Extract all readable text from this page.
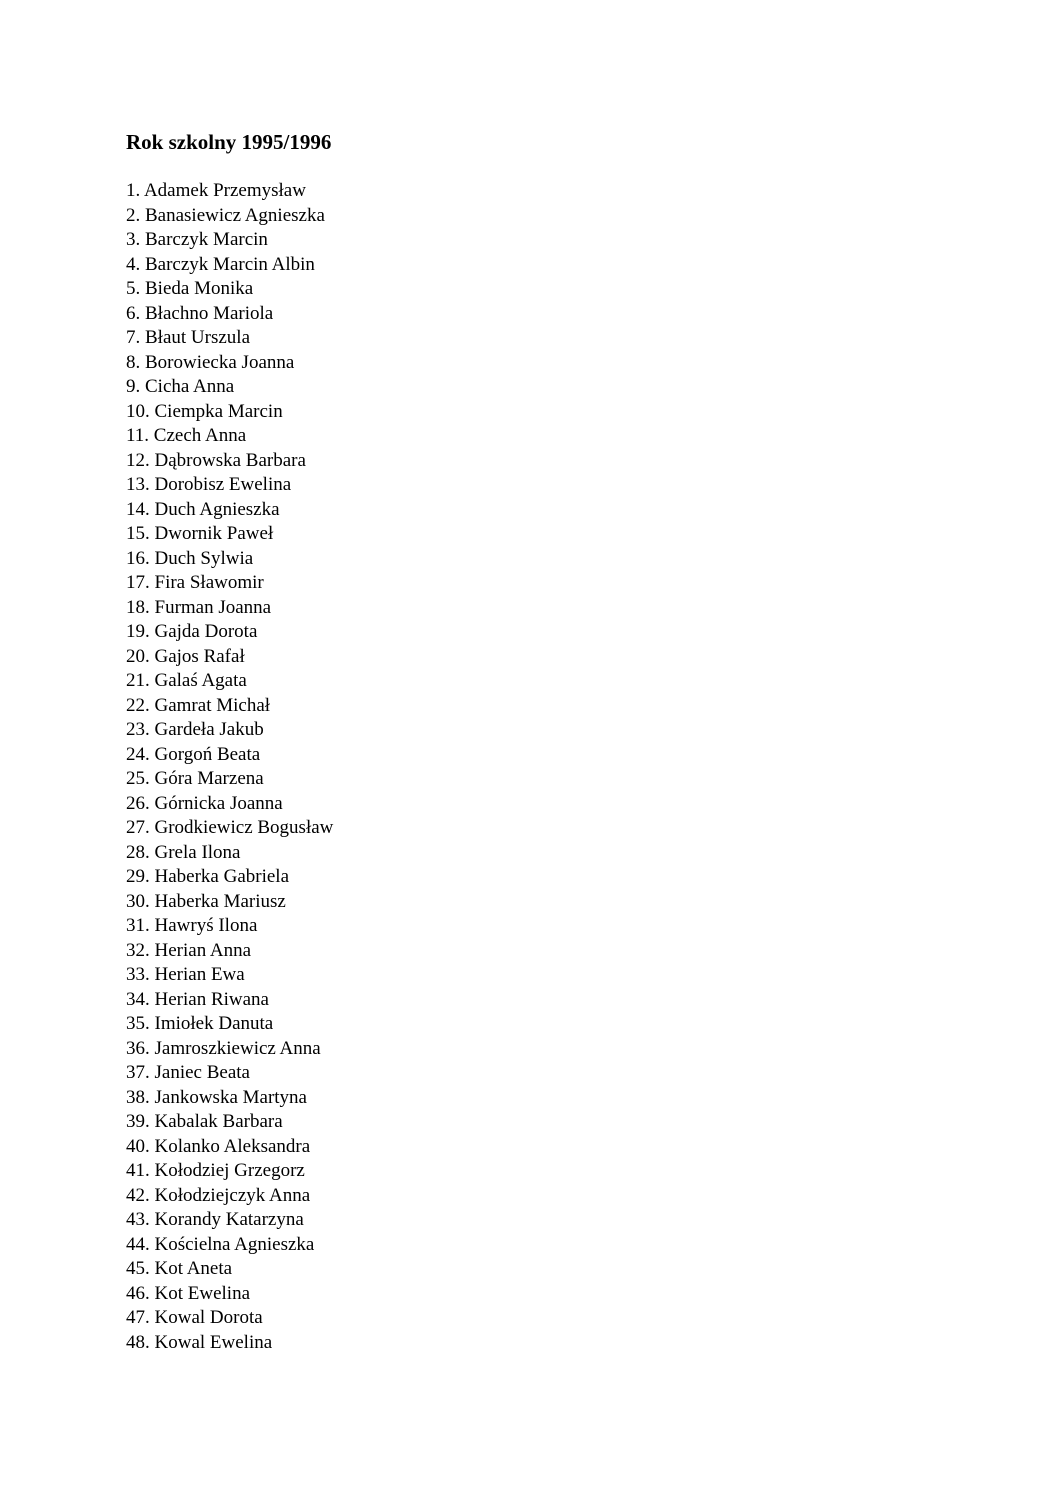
Rok szkolny 1995/1996
1. Adamek Przemysław
2. Banasiewicz Agnieszka
3. Barczyk Marcin
4. Barczyk Marcin Albin
5. Bieda Monika
6. Błachno Mariola
7. Błaut Urszula
8. Borowiecka Joanna
9. Cicha Anna
10. Ciempka Marcin
11. Czech Anna
12. Dąbrowska Barbara
13. Dorobisz Ewelina
14. Duch Agnieszka
15. Dwornik Paweł
16. Duch Sylwia
17. Fira Sławomir
18. Furman Joanna
19. Gajda Dorota
20. Gajos Rafał
21. Galaś Agata
22. Gamrat Michał
23. Gardeła Jakub
24. Gorgoń Beata
25. Góra Marzena
26. Górnicka Joanna
27. Grodkiewicz Bogusław
28. Grela Ilona
29. Haberka Gabriela
30. Haberka Mariusz
31. Hawryś Ilona
32. Herian Anna
33. Herian Ewa
34. Herian Riwana
35. Imiołek Danuta
36. Jamroszkiewicz Anna
37. Janiec Beata
38. Jankowska Martyna
39. Kabalak Barbara
40. Kolanko Aleksandra
41. Kołodziej Grzegorz
42. Kołodziejczyk Anna
43. Korandy Katarzyna
44. Kościelna Agnieszka
45. Kot Aneta
46. Kot Ewelina
47. Kowal Dorota
48. Kowal Ewelina
